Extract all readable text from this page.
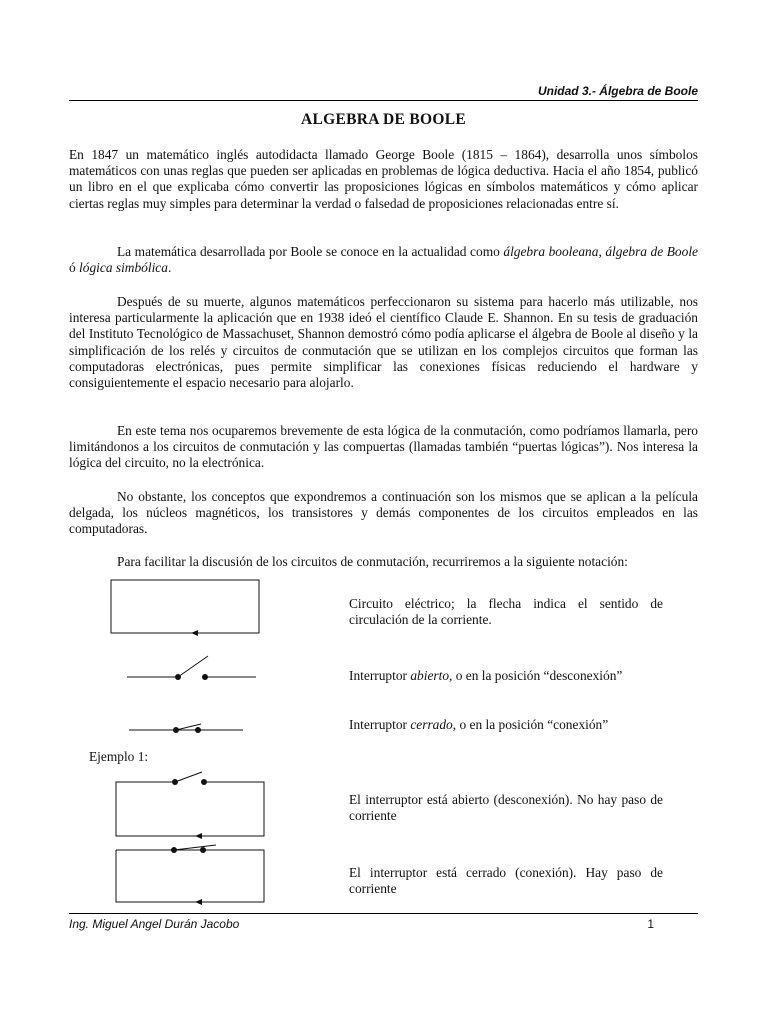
Unidad 3.- Álgebra de Boole
ALGEBRA DE BOOLE

En 1847 un matemático inglés autodidacta llamado George Boole (1815 – 1864), desarrolla unos símbolos matemáticos con unas reglas que pueden ser aplicadas en problemas de lógica deductiva. Hacia el año 1854, publicó un libro en el que explicaba cómo convertir las proposiciones lógicas en símbolos matemáticos y cómo aplicar ciertas reglas muy simples para determinar la verdad o falsedad de proposiciones relacionadas entre sí.

La matemática desarrollada por Boole se conoce en la actualidad como álgebra booleana, álgebra de Boole ó lógica simbólica.

Después de su muerte, algunos matemáticos perfeccionaron su sistema para hacerlo más utilizable, nos interesa particularmente la aplicación que en 1938 ideó el científico Claude E. Shannon. En su tesis de graduación del Instituto Tecnológico de Massachuset, Shannon demostró cómo podía aplicarse el álgebra de Boole al diseño y la simplificación de los relés y circuitos de conmutación que se utilizan en los complejos circuitos que forman las computadoras electrónicas, pues permite simplificar las conexiones físicas reduciendo el hardware y consiguientemente el espacio necesario para alojarlo.

En este tema nos ocuparemos brevemente de esta lógica de la conmutación, como podríamos llamarla, pero limitándonos a los circuitos de conmutación y las compuertas (llamadas también “puertas lógicas”). Nos interesa la lógica del circuito, no la electrónica.

No obstante, los conceptos que expondremos a continuación son los mismos que se aplican a la película delgada, los núcleos magnéticos, los transistores y demás componentes de los circuitos empleados en las computadoras.

Para facilitar la discusión de los circuitos de conmutación, recurriremos a la siguiente notación:

Circuito eléctrico; la flecha indica el sentido de circulación de la corriente.

Interruptor abierto, o en la posición “desconexión”

Interruptor cerrado, o en la posición “conexión”

Ejemplo 1:

El interruptor está abierto (desconexión). No hay paso de corriente

El interruptor está cerrado (conexión). Hay paso de corriente

Ing. Miguel Angel Durán Jacobo	1
